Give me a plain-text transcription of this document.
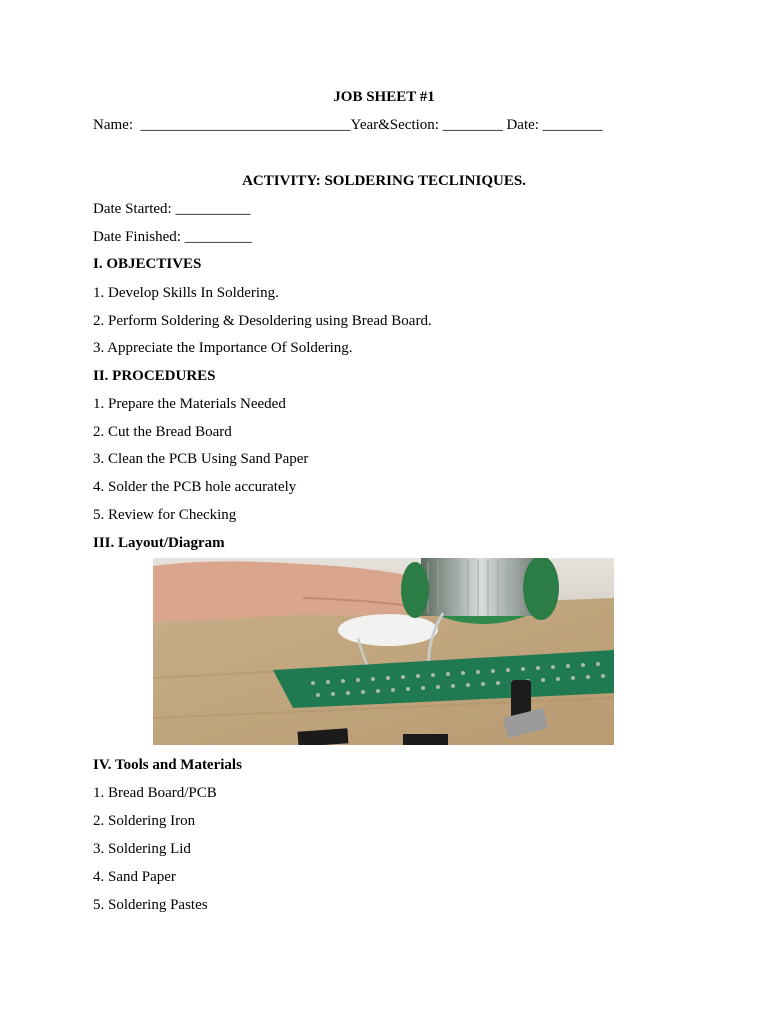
JOB SHEET #1
Name:  ____________________________Year&Section: ________ Date: ________
ACTIVITY: SOLDERING TECLINIQUES.
Date Started: __________
Date Finished: _________
I. OBJECTIVES
1. Develop Skills In Soldering.
2. Perform Soldering & Desoldering using Bread Board.
3. Appreciate the Importance Of Soldering.
II. PROCEDURES
1. Prepare the Materials Needed
2. Cut the Bread Board
3. Clean the PCB Using Sand Paper
4. Solder the PCB hole accurately
5. Review for Checking
III. Layout/Diagram
IV. Tools and Materials
1. Bread Board/PCB
2. Soldering Iron
3. Soldering Lid
4. Sand Paper
5. Soldering Pastes
